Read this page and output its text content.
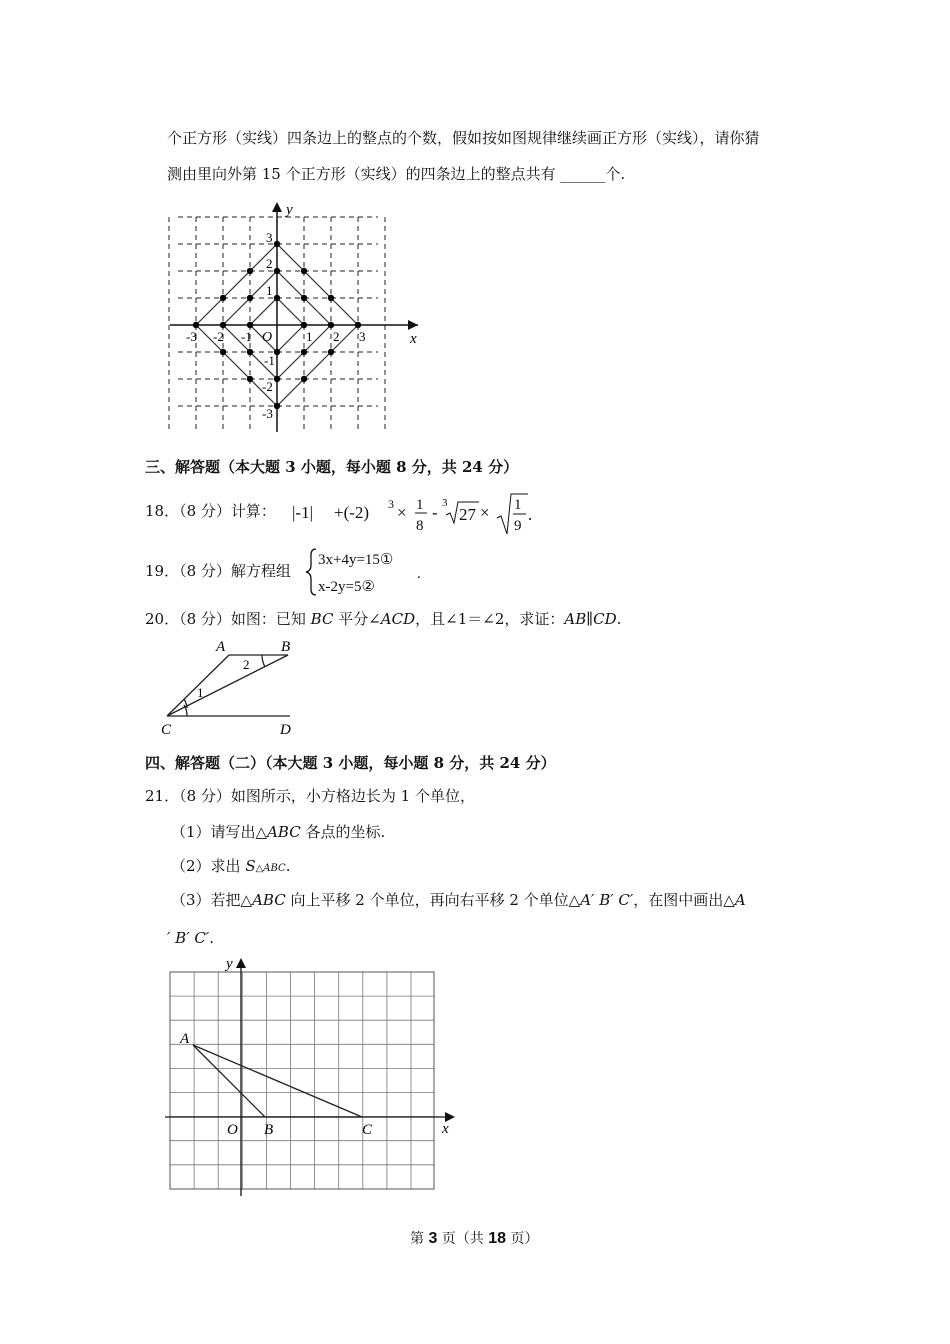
个正方形（实线）四条边上的整点的个数，假如按如图规律继续画正方形（实线），请你猜
测由里向外第 15 个正方形（实线）的四条边上的整点共有 ______个.
x
y
O
-3 -2 -1	1 2 3
3
2
1
-1
-2
-3
三、解答题（本大题 3 小题，每小题 8 分，共 24 分）
18．（8 分）计算： |-1| +(-2) 3 × 1
8
- 3
27 × 1
9
.
19．（8 分）解方程组
3x+4y=15①
x-2y=5②
.
20．（8 分）如图：已知 BC 平分∠ACD，且∠1＝∠2，求证：AB∥CD.
A	B
C	D
1
2
四、解答题（二）（本大题 3 小题，每小题 8 分，共 24 分）
21．（8 分）如图所示，小方格边长为 1 个单位，
（1）请写出△ABC 各点的坐标.
（2）求出 S△ABC.
（3）若把△ABC 向上平移 2 个单位，再向右平移 2 个单位△A′ B′ C′，在图中画出△A
′ B′ C′.
x
y
O
A
B	C
第 3 页（共 18 页）
